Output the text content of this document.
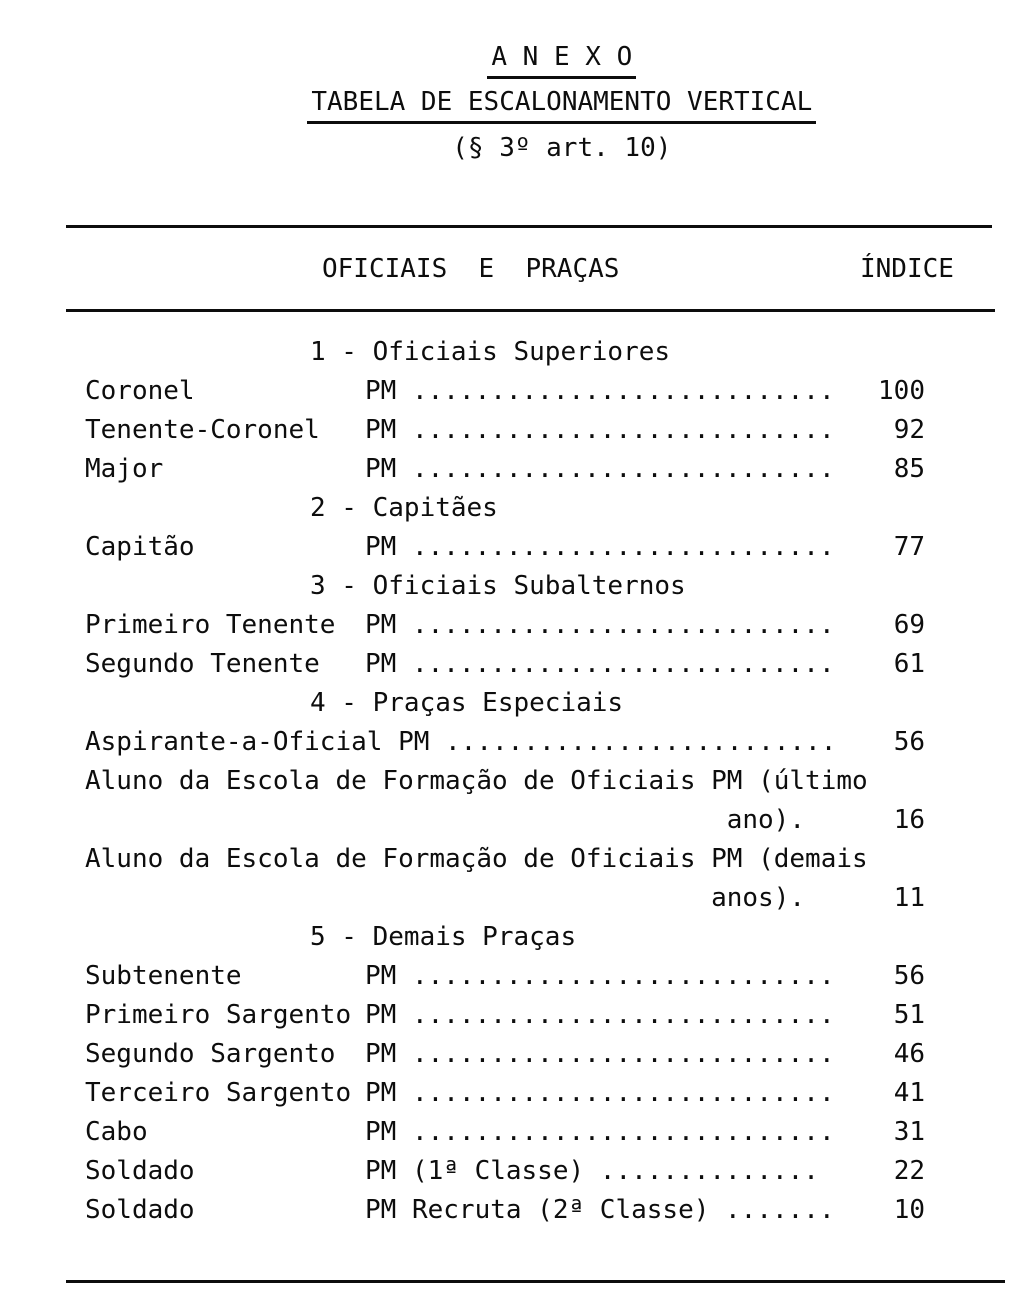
A N E X O

TABELA DE ESCALONAMENTO VERTICAL

(§ 3º art. 10)

OFICIAIS  E  PRAÇAS	ÍNDICE
1 - Oficiais Superiores
Coronel	PM ...........................	100
Tenente-Coronel	PM ...........................	92
Major	PM ...........................	85
2 - Capitães
Capitão	PM ...........................	77
3 - Oficiais Subalternos
Primeiro Tenente	PM ...........................	69
Segundo Tenente	PM ...........................	61
4 - Praças Especiais
Aspirante-a-Oficial PM .........................	56
Aluno da Escola de Formação de Oficiais PM (último
ano).	16
Aluno da Escola de Formação de Oficiais PM (demais
anos).	11
5 - Demais Praças
Subtenente	PM ...........................	56
Primeiro Sargento PM ...........................	51
Segundo Sargento	PM ...........................	46
Terceiro Sargento PM ...........................	41
Cabo	PM ...........................	31
Soldado	PM (1ª Classe) ..............	22
Soldado	PM Recruta (2ª Classe) .......	10
